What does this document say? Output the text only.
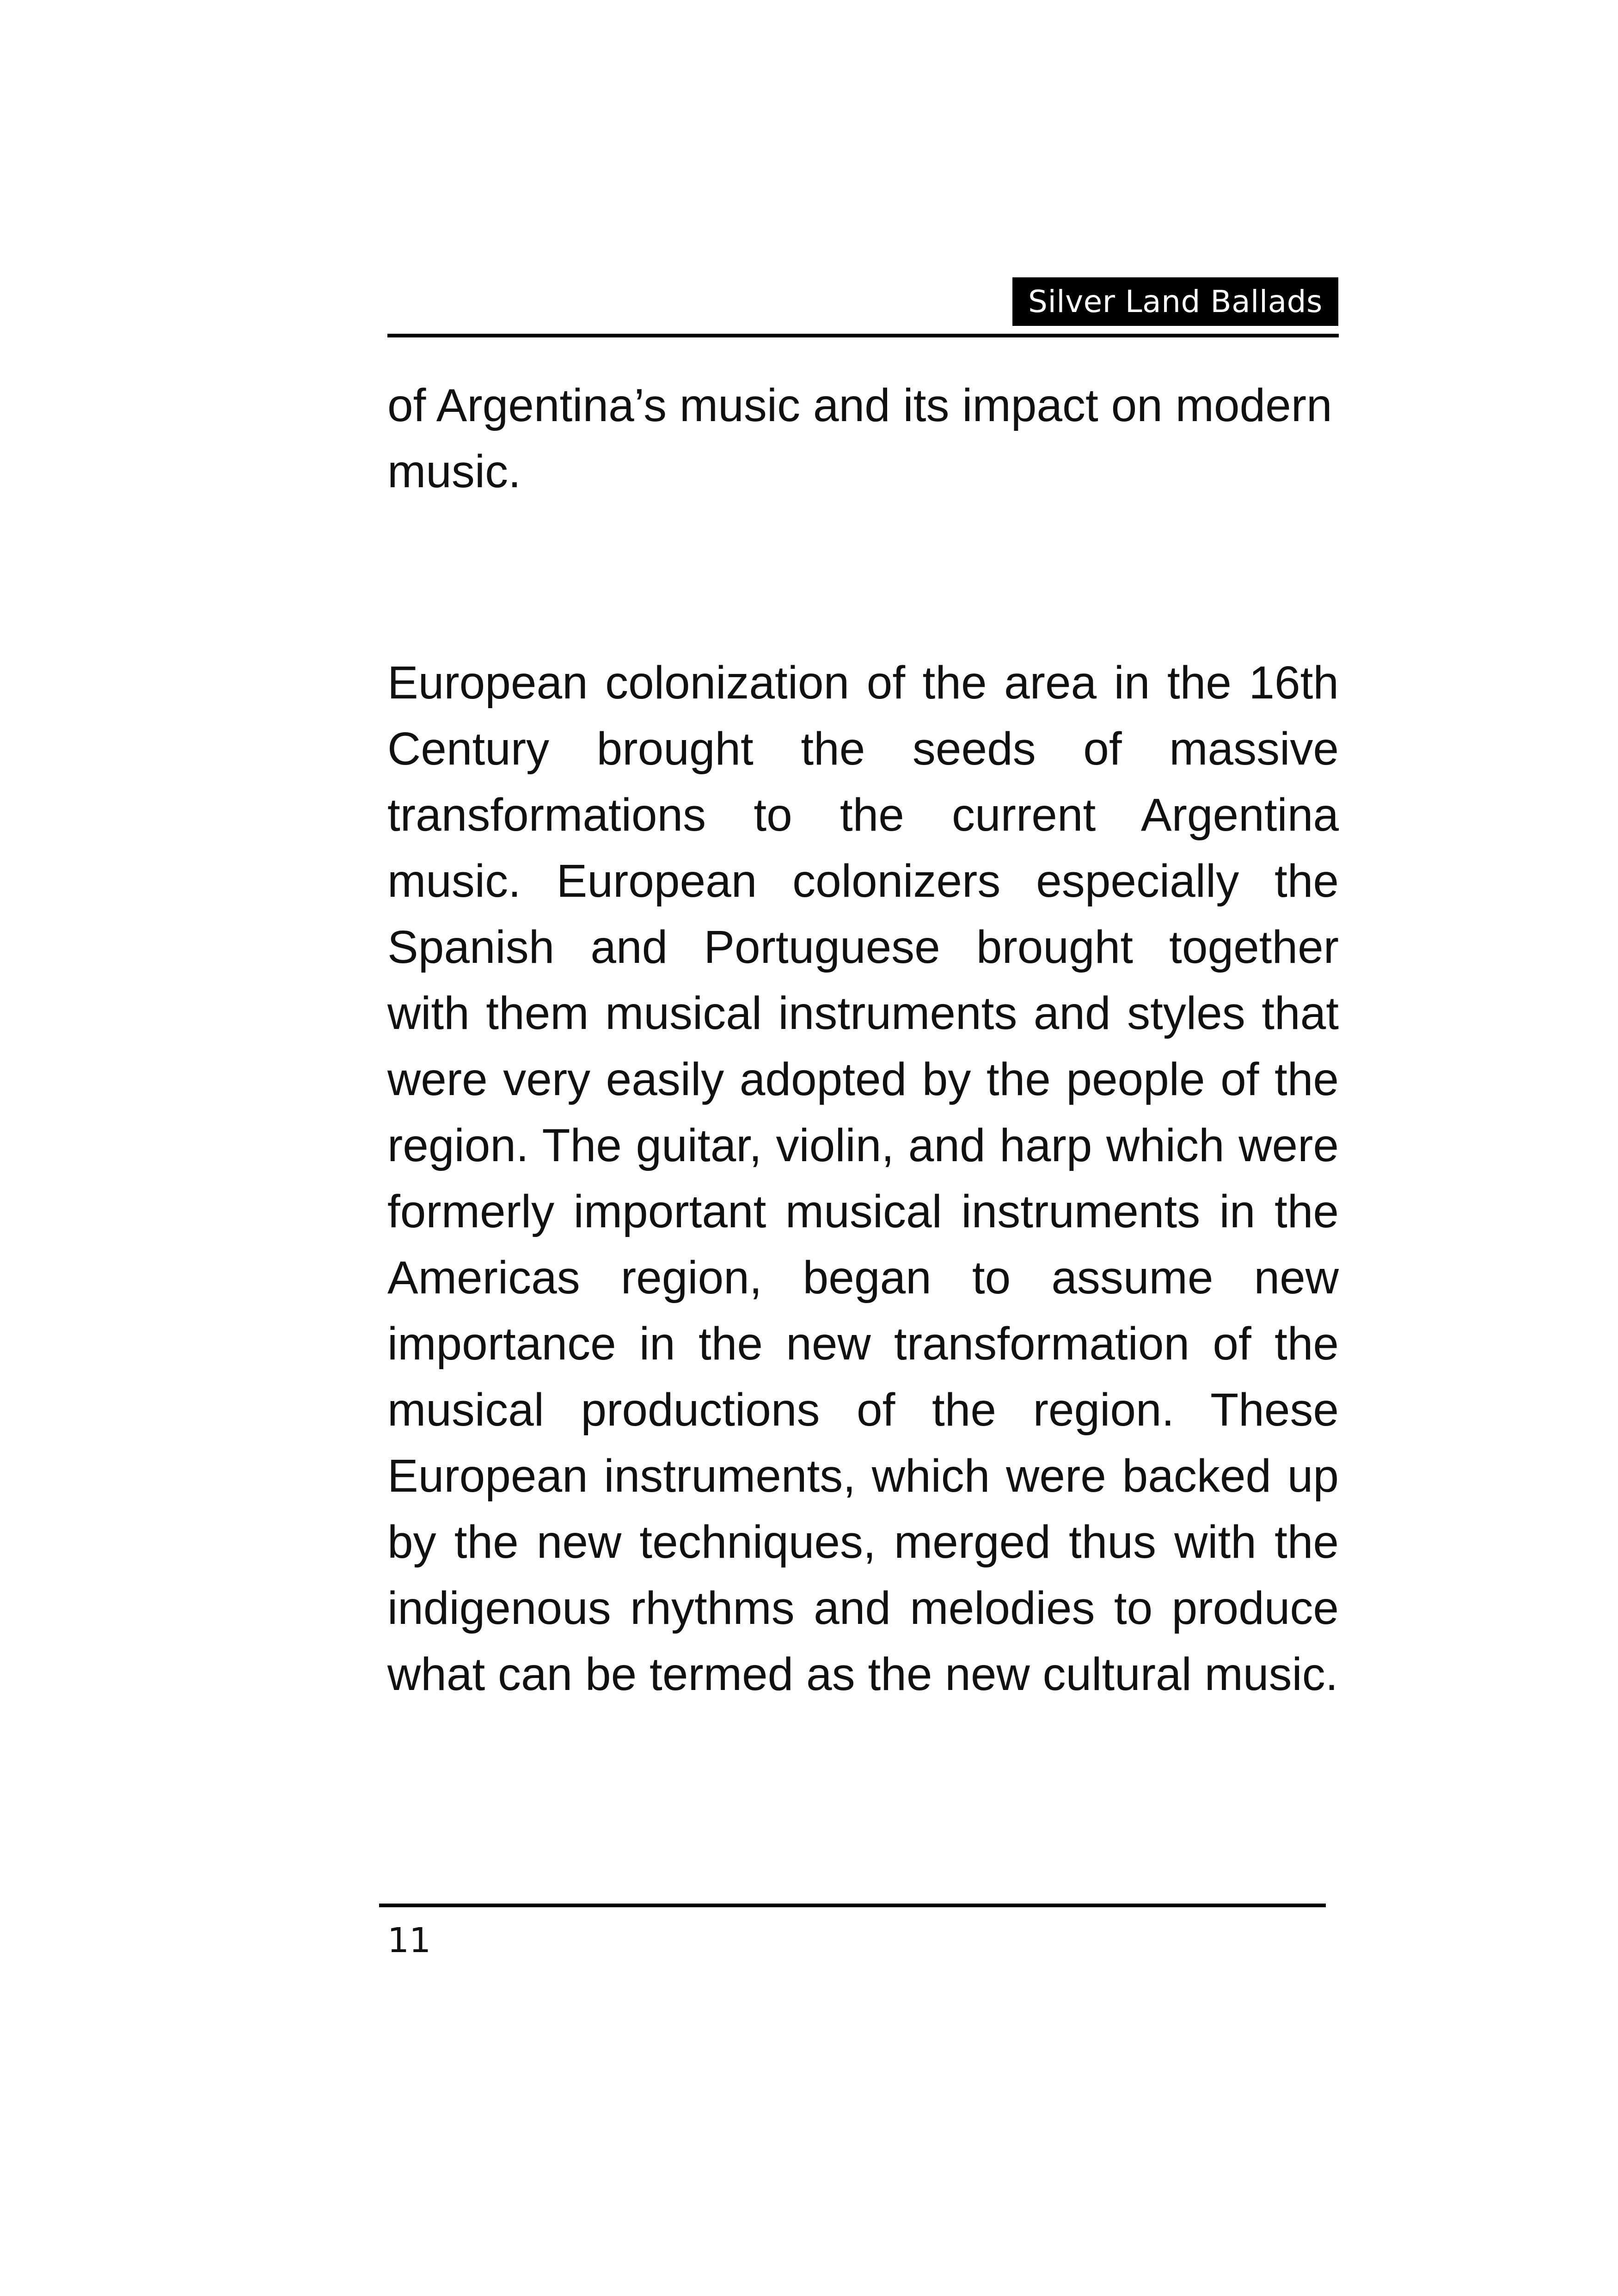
Silver Land Ballads

of Argentina’s music and its impact on modern music.

European colonization of the area in the 16th Century brought the seeds of massive transformations to the current Argentina music. European colonizers especially the Spanish and Portuguese brought together with them musical instruments and styles that were very easily adopted by the people of the region. The guitar, violin, and harp which were formerly important musical instruments in the Americas region, began to assume new importance in the new transformation of the musical productions of the region. These European instruments, which were backed up by the new techniques, merged thus with the indigenous rhythms and melodies to produce what can be termed as the new cultural music.

11
